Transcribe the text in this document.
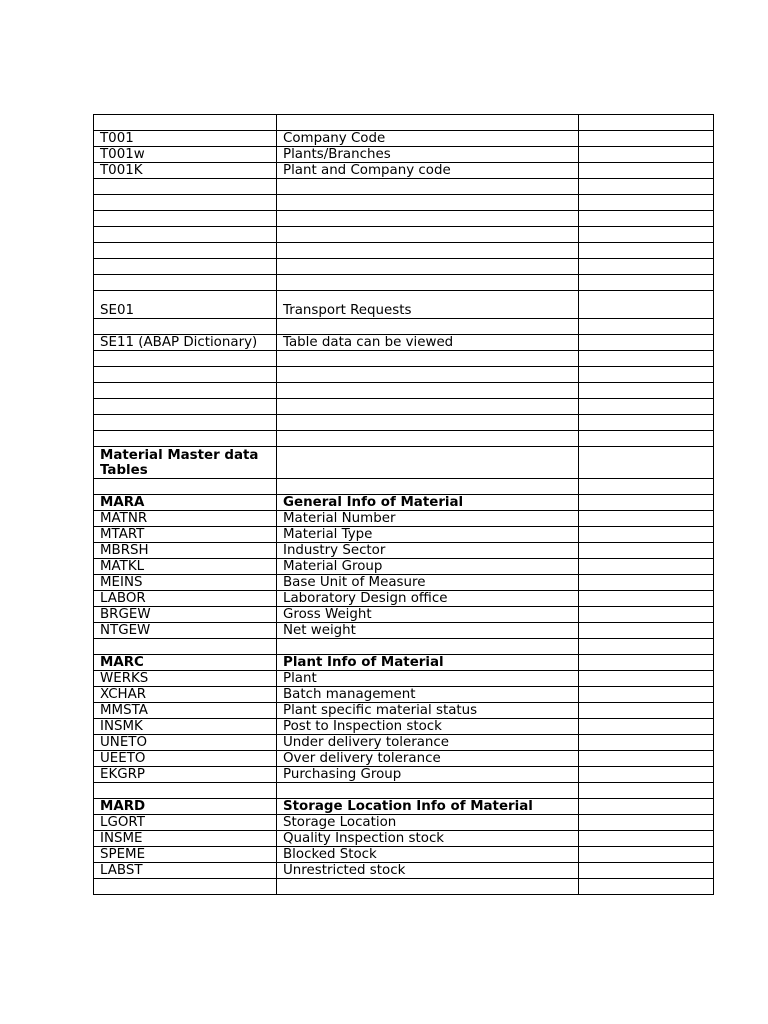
T001	Company Code	
T001w	Plants/Branches	
T001K	Plant and Company code	

SE01	Transport Requests	

SE11 (ABAP Dictionary)	Table data can be viewed	

Material Master data Tables		

MARA	General Info of Material	
MATNR	Material Number	
MTART	Material Type	
MBRSH	Industry Sector	
MATKL	Material Group	
MEINS	Base Unit of Measure	
LABOR	Laboratory Design office	
BRGEW	Gross Weight	
NTGEW	Net weight	

MARC	Plant Info of Material	
WERKS	Plant	
XCHAR	Batch management	
MMSTA	Plant specific material status	
INSMK	Post to Inspection stock	
UNETO	Under delivery tolerance	
UEETO	Over delivery tolerance	
EKGRP	Purchasing Group	

MARD	Storage Location Info of Material	
LGORT	Storage Location	
INSME	Quality Inspection stock	
SPEME	Blocked Stock	
LABST	Unrestricted stock	
